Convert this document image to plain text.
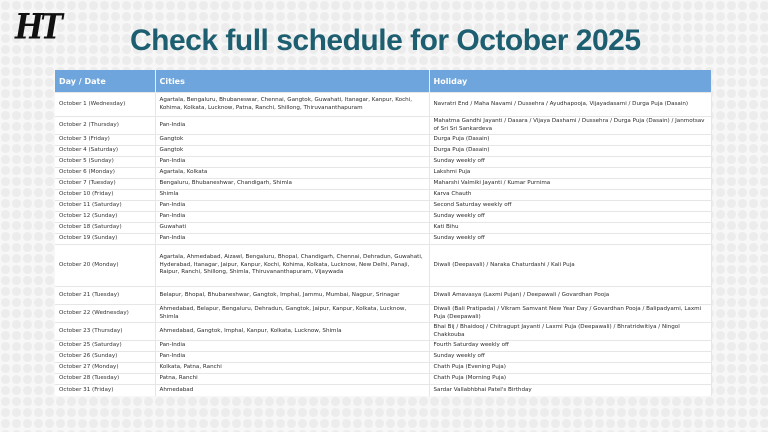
HT Check full schedule for October 2025
Day / Date	Cities	Holiday
October 1 (Wednesday)	Agartala, Bengaluru, Bhubaneswar, Chennai, Gangtok, Guwahati, Itanagar, Kanpur, Kochi, Kohima, Kolkata, Lucknow, Patna, Ranchi, Shillong, Thiruvananthapuram	Navratri End / Maha Navami / Dussehra / Ayudhapooja, Vijayadasami / Durga Puja (Dasain)
October 2 (Thursday)	Pan-India	Mahatma Gandhi Jayanti / Dasara / Vijaya Dashami / Dussehra / Durga Puja (Dasain) / Janmotsav of Sri Sri Sankardeva
October 3 (Friday)	Gangtok	Durga Puja (Dasain)
October 4 (Saturday)	Gangtok	Durga Puja (Dasain)
October 5 (Sunday)	Pan-India	Sunday weekly off
October 6 (Monday)	Agartala, Kolkata	Lakshmi Puja
October 7 (Tuesday)	Bengaluru, Bhubaneshwar, Chandigarh, Shimla	Maharshi Valmiki Jayanti / Kumar Purnima
October 10 (Friday)	Shimla	Karva Chauth
October 11 (Saturday)	Pan-India	Second Saturday weekly off
October 12 (Sunday)	Pan-India	Sunday weekly off
October 18 (Saturday)	Guwahati	Kati Bihu
October 19 (Sunday)	Pan-India	Sunday weekly off
October 20 (Monday)	Agartala, Ahmedabad, Aizawl, Bengaluru, Bhopal, Chandigarh, Chennai, Dehradun, Guwahati, Hyderabad, Itanagar, Jaipur, Kanpur, Kochi, Kohima, Kolkata, Lucknow, New Delhi, Panaji, Raipur, Ranchi, Shillong, Shimla, Thiruvananthapuram, Vijaywada	Diwali (Deepavali) / Naraka Chaturdashi / Kali Puja
October 21 (Tuesday)	Belapur, Bhopal, Bhubaneshwar, Gangtok, Imphal, Jammu, Mumbai, Nagpur, Srinagar	Diwali Amavasya (Laxmi Pujan) / Deepawali / Govardhan Pooja
October 22 (Wednesday)	Ahmedabad, Belapur, Bengaluru, Dehradun, Gangtok, Jaipur, Kanpur, Kolkata, Lucknow, Shimla	Diwali (Bali Pratipada) / Vikram Samvant New Year Day / Govardhan Pooja / Balipadyami, Laxmi Puja (Deepawali)
October 23 (Thursday)	Ahmedabad, Gangtok, Imphal, Kanpur, Kolkata, Lucknow, Shimla	Bhai Bij / Bhaidooj / Chitragupt Jayanti / Laxmi Puja (Deepawali) / Bhratridwitiya / Ningol Chakkouba
October 25 (Saturday)	Pan-India	Fourth Saturday weekly off
October 26 (Sunday)	Pan-India	Sunday weekly off
October 27 (Monday)	Kolkata, Patna, Ranchi	Chath Puja (Evening Puja)
October 28 (Tuesday)	Patna, Ranchi	Chath Puja (Morning Puja)
October 31 (Friday)	Ahmedabad	Sardar Vallabhbhai Patel's Birthday
